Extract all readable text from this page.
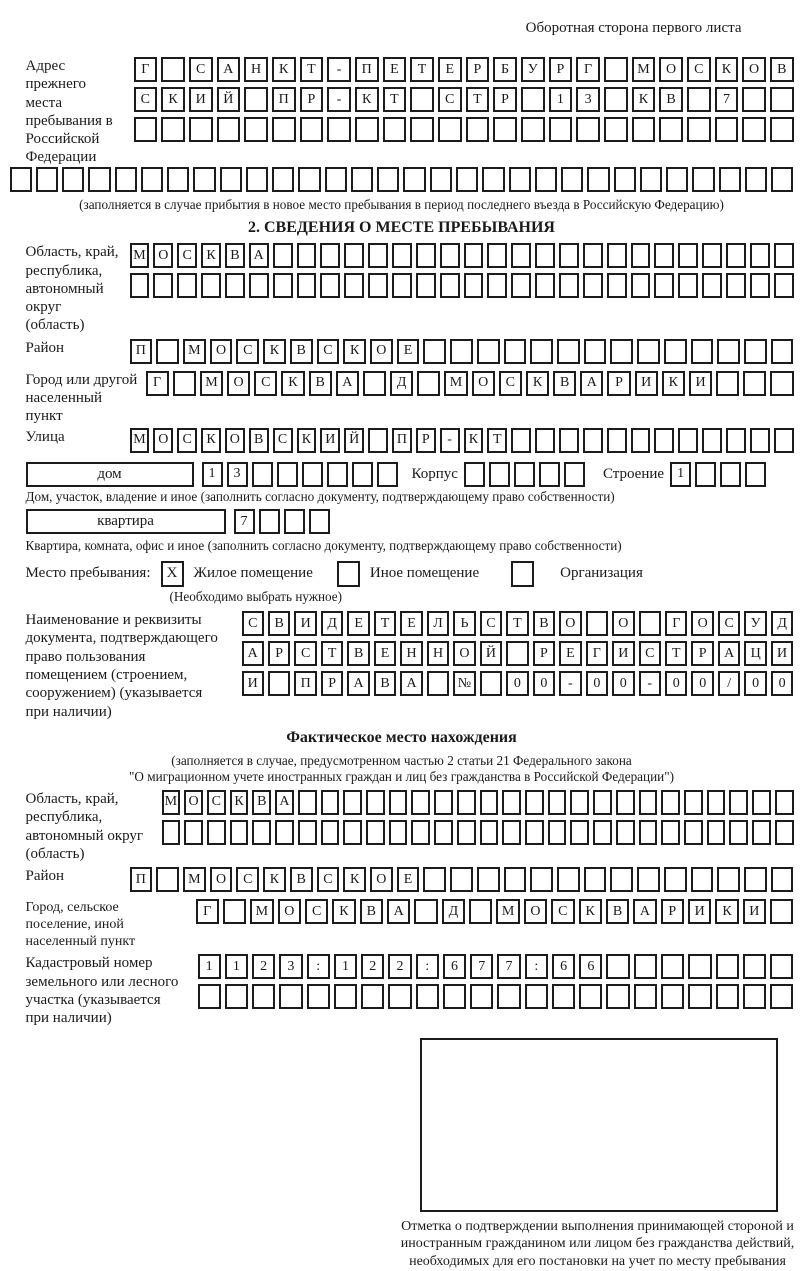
Оборотная сторона первого листа
Адрес прежнего места пребывания в Российской Федерации
Г	С	А	Н	К	Т	-	П	Е	Т	Е	Р	Б	У	Р	Г	М	О	С	К	О	В
С	К	И	Й	П	Р	-	К	Т	С	Т	Р	1	3	К	В	7
(заполняется в случае прибытия в новое место пребывания в период последнего въезда в Российскую Федерацию)
2. СВЕДЕНИЯ О МЕСТЕ ПРЕБЫВАНИЯ
Область, край, республика, автономный округ (область)
М О	С	К	В	А
Район	П	М	О	С	К	В	С	К	О	Е
Город или другой населенный пункт
Г	М	О	С	К	В	А	Д	М	О	С	К	В	А	Р	И	К	И
Улица	М О	С	К	О	В	С	К	И Й	П	Р	-	К	Т
дом	1	3	Корпус	Строение 1
Дом, участок, владение и иное (заполнить согласно документу, подтверждающему право собственности)
квартира	7
Квартира, комната, офис и иное (заполнить согласно документу, подтверждающему право собственности)
Место пребывания:	X	Жилое помещение	Иное помещение	Организация
(Необходимо выбрать нужное)
Наименование и реквизиты документа, подтверждающего право пользования помещением (строением, сооружением) (указывается при наличии)
С	В	И	Д	Е	Т	Е	Л	Ь	С	Т	В	О	О	Г	О	С	У	Д
А	Р	С	Т	В	Е	Н	Н	О	Й	Р	Е	Г	И	С	Т	Р	А	Ц	И
И	П	Р	А	В	А	№	0	0	-	0	0	-	0	0	/	0	0
Фактическое место нахождения
(заполняется в случае, предусмотренном частью 2 статьи 21 Федерального закона
"О миграционном учете иностранных граждан и лиц без гражданства в Российской Федерации")
Область, край, республика, автономный округ (область)
М О С К В А
Район	П	М	О	С	К	В	С	К	О	Е
Город, сельское поселение, иной населенный пункт
Г	М	О	С	К	В	А	Д	М	О	С	К	В	А	Р	И	К	И
Кадастровый номер земельного или лесного участка (указывается при наличии)
1	1	2	3	:	1	2	2	:	6	7	7	:	6	6
Отметка о подтверждении выполнения принимающей стороной и иностранным гражданином или лицом без гражданства действий, необходимых для его постановки на учет по месту пребывания
